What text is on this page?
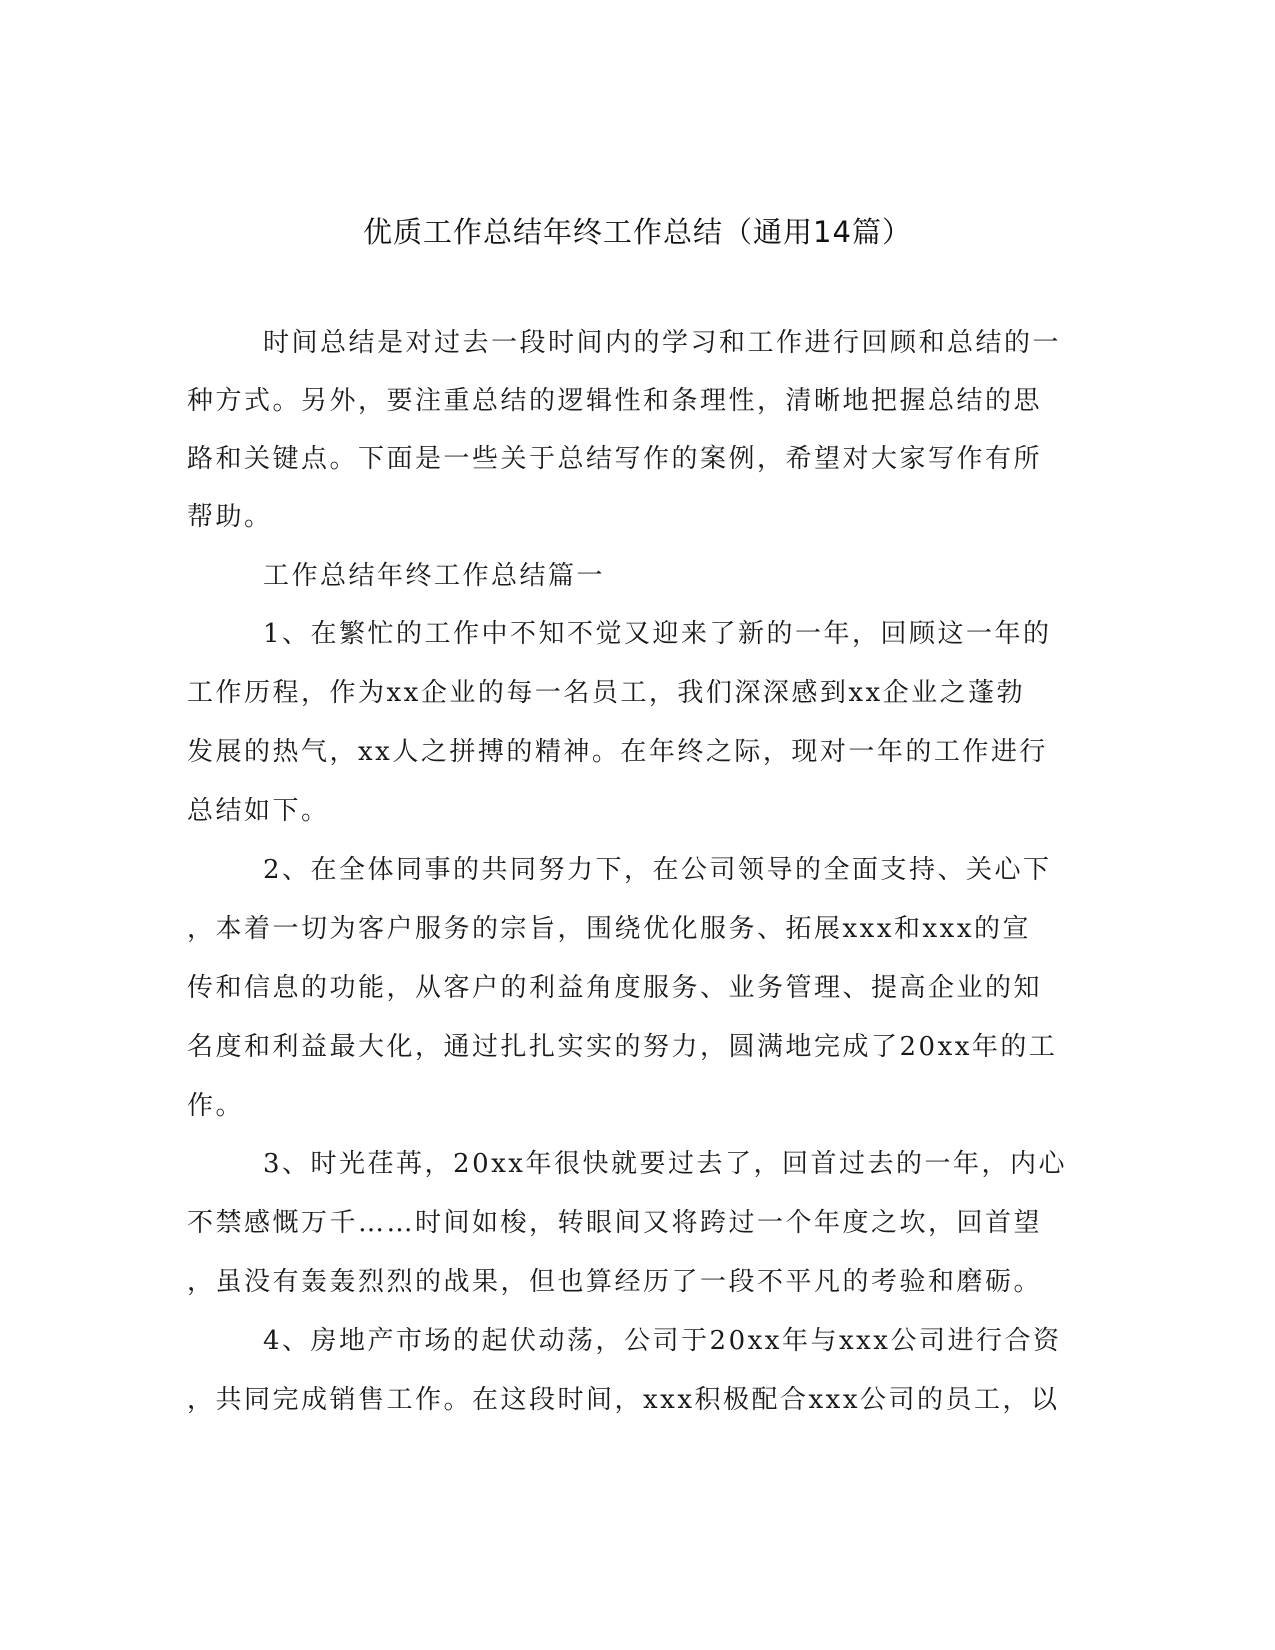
优质工作总结年终工作总结（通用14篇）

时间总结是对过去一段时间内的学习和工作进行回顾和总结的一

种方式。另外，要注重总结的逻辑性和条理性，清晰地把握总结的思

路和关键点。下面是一些关于总结写作的案例，希望对大家写作有所

帮助。

工作总结年终工作总结篇一

1、在繁忙的工作中不知不觉又迎来了新的一年，回顾这一年的

工作历程，作为xx企业的每一名员工，我们深深感到xx企业之蓬勃

发展的热气，xx人之拼搏的精神。在年终之际，现对一年的工作进行

总结如下。

2、在全体同事的共同努力下，在公司领导的全面支持、关心下

，本着一切为客户服务的宗旨，围绕优化服务、拓展xxx和xxx的宣

传和信息的功能，从客户的利益角度服务、业务管理、提高企业的知

名度和利益最大化，通过扎扎实实的努力，圆满地完成了20xx年的工

作。

3、时光荏苒，20xx年很快就要过去了，回首过去的一年，内心

不禁感慨万千……时间如梭，转眼间又将跨过一个年度之坎，回首望

，虽没有轰轰烈烈的战果，但也算经历了一段不平凡的考验和磨砺。

4、房地产市场的起伏动荡，公司于20xx年与xxx公司进行合资

，共同完成销售工作。在这段时间，xxx积极配合xxx公司的员工，以
